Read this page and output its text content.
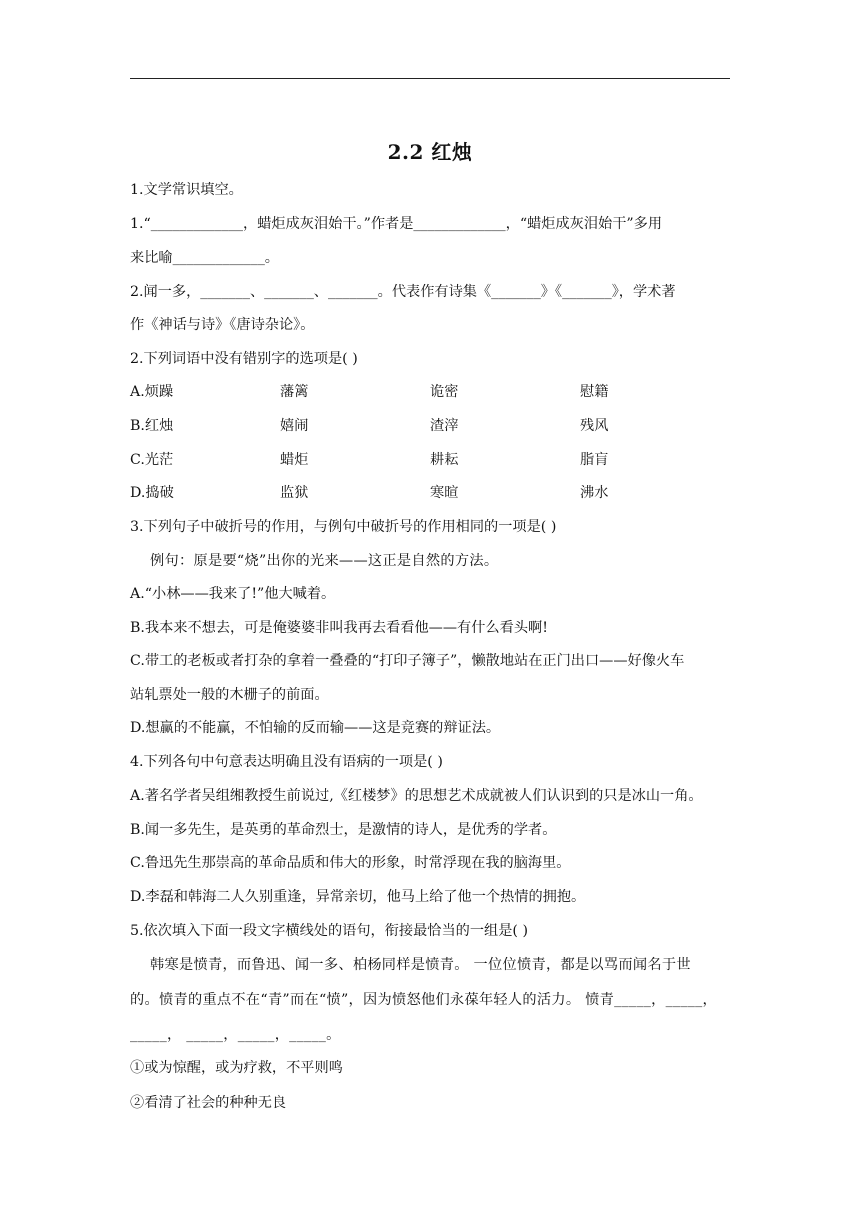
2.2 红烛
1.文学常识填空。
1.“_____________，蜡炬成灰泪始干。”作者是_____________，“蜡炬成灰泪始干”多用
来比喻_____________。
2.闻一多，_______、_______、_______。代表作有诗集《_______》《_______》，学术著
作《神话与诗》《唐诗杂论》。
2.下列词语中没有错别字的选项是( )
A.烦躁	藩篱	诡密	慰籍
B.红烛	嬉闹	渣滓	残风
C.光茫	蜡炬	耕耘	脂肓
D.捣破	监狱	寒暄	沸水
3.下列句子中破折号的作用，与例句中破折号的作用相同的一项是( )
例句：原是要“烧”出你的光来——这正是自然的方法。
A.“小林——我来了!”他大喊着。
B.我本来不想去，可是俺婆婆非叫我再去看看他——有什么看头啊!
C.带工的老板或者打杂的拿着一叠叠的“打印子簿子”，懒散地站在正门出口——好像火车
站轧票处一般的木栅子的前面。
D.想赢的不能赢，不怕输的反而输——这是竞赛的辩证法。
4.下列各句中句意表达明确且没有语病的一项是( )
A.著名学者吴组缃教授生前说过,《红楼梦》的思想艺术成就被人们认识到的只是冰山一角。
B.闻一多先生，是英勇的革命烈士，是激情的诗人，是优秀的学者。
C.鲁迅先生那崇高的革命品质和伟大的形象，时常浮现在我的脑海里。
D.李磊和韩海二人久别重逢，异常亲切，他马上给了他一个热情的拥抱。
5.依次填入下面一段文字横线处的语句，衔接最恰当的一组是( )
韩寒是愤青，而鲁迅、闻一多、柏杨同样是愤青。 一位位愤青，都是以骂而闻名于世
的。愤青的重点不在“青”而在“愤”，因为愤怒他们永葆年轻人的活力。 愤青_____，_____，
_____， _____，_____，_____。
①或为惊醒，或为疗救，不平则鸣
②看清了社会的种种无良
